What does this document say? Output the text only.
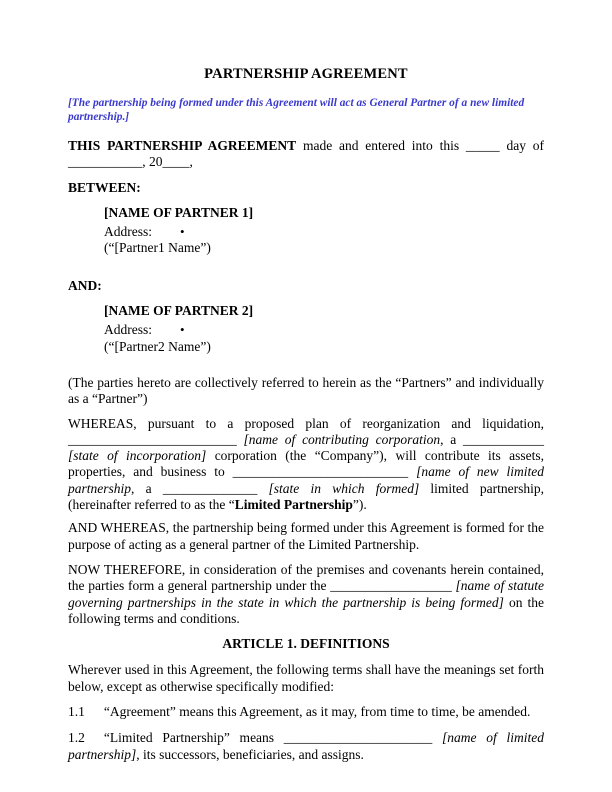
PARTNERSHIP AGREEMENT

[The partnership being formed under this Agreement will act as General Partner of a new limited partnership.]

THIS PARTNERSHIP AGREEMENT made and entered into this _____ day of ___________, 20____,

BETWEEN:

[NAME OF PARTNER 1]

Address: •

(“[Partner1 Name”)

AND:

[NAME OF PARTNER 2]

Address: •

(“[Partner2 Name”)

(The parties hereto are collectively referred to herein as the “Partners” and individually as a “Partner”)

WHEREAS, pursuant to a proposed plan of reorganization and liquidation, _________________________ [name of contributing corporation, a ____________ [state of incorporation] corporation (the “Company”), will contribute its assets, properties, and business to __________________________ [name of new limited partnership, a ______________ [state in which formed] limited partnership, (hereinafter referred to as the “Limited Partnership”).

AND WHEREAS, the partnership being formed under this Agreement is formed for the purpose of acting as a general partner of the Limited Partnership.

NOW THEREFORE, in consideration of the premises and covenants herein contained, the parties form a general partnership under the __________________ [name of statute governing partnerships in the state in which the partnership is being formed] on the following terms and conditions.

ARTICLE 1. DEFINITIONS

Wherever used in this Agreement, the following terms shall have the meanings set forth below, except as otherwise specifically modified:

1.1 “Agreement” means this Agreement, as it may, from time to time, be amended.

1.2 “Limited Partnership” means ______________________ [name of limited partnership], its successors, beneficiaries, and assigns.
